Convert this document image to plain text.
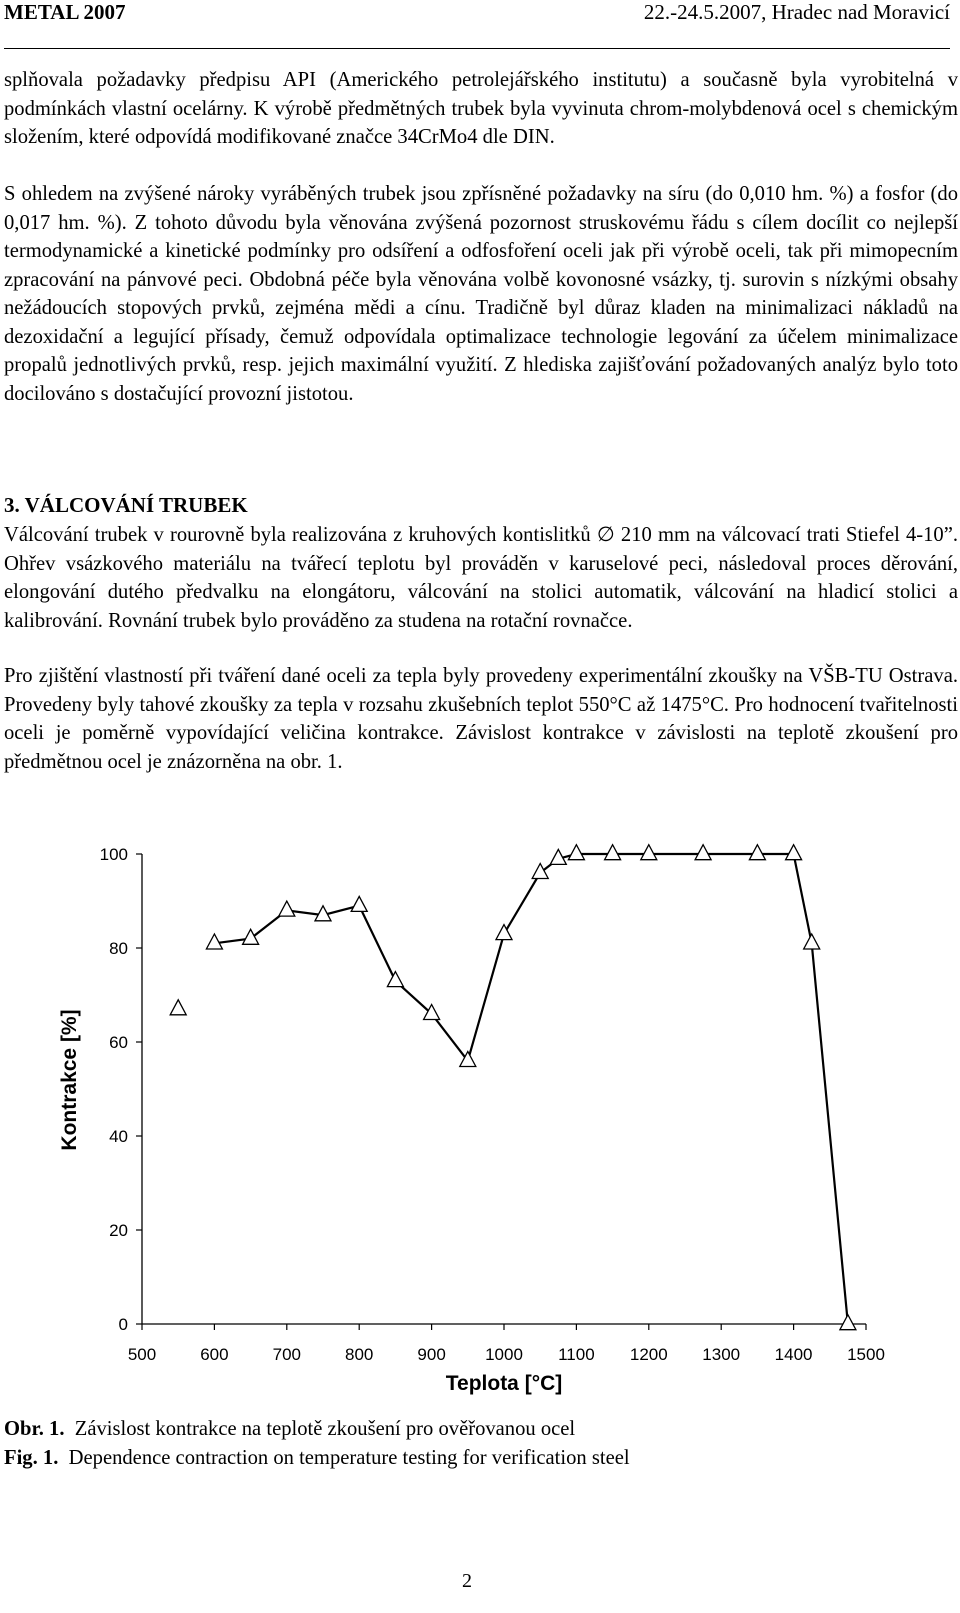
METAL 2007	22.-24.5.2007, Hradec nad Moravicí
splňovala požadavky předpisu API (Amerického petrolejářského institutu) a současně byla vyrobitelná v podmínkách vlastní ocelárny. K výrobě předmětných trubek byla vyvinuta chrom-molybdenová ocel s chemickým složením, které odpovídá modifikované značce 34CrMo4 dle DIN.
S ohledem na zvýšené nároky vyráběných trubek jsou zpřísněné požadavky na síru (do 0,010 hm. %) a fosfor (do 0,017 hm. %). Z tohoto důvodu byla věnována zvýšená pozornost struskovému řádu s cílem docílit co nejlepší termodynamické a kinetické podmínky pro odsíření a odfosfoření oceli jak při výrobě oceli, tak při mimopecním zpracování na pánvové peci. Obdobná péče byla věnována volbě kovonosné vsázky, tj. surovin s nízkými obsahy nežádoucích stopových prvků, zejména mědi a cínu. Tradičně byl důraz kladen na minimalizaci nákladů na dezoxidační a legující přísady, čemuž odpovídala optimalizace technologie legování za účelem minimalizace propalů jednotlivých prvků, resp. jejich maximální využití. Z hlediska zajišťování požadovaných analýz bylo toto docilováno s dostačující provozní jistotou.
3. VÁLCOVÁNÍ TRUBEK
Válcování trubek v rourovně byla realizována z kruhových kontislitků ∅ 210 mm na válcovací trati Stiefel 4-10”. Ohřev vsázkového materiálu na tvářecí teplotu byl prováděn v karuselové peci, následoval proces děrování, elongování dutého předvalku na elongátoru, válcování na stolici automatik, válcování na hladicí stolici a kalibrování. Rovnání trubek bylo prováděno za studena na rotační rovnačce.
Pro zjištění vlastností při tváření dané oceli za tepla byly provedeny experimentální zkoušky na VŠB-TU Ostrava. Provedeny byly tahové zkoušky za tepla v rozsahu zkušebních teplot 550°C až 1475°C. Pro hodnocení tvařitelnosti oceli je poměrně vypovídající veličina kontrakce. Závislost kontrakce v závislosti na teplotě zkoušení pro předmětnou ocel je znázorněna na obr. 1.
0
20
40
60
80
100
500	600	700	800	900 1000 1100 1200 1300 1400 1500
Kontrakce [%]
Teplota [°C]
Obr. 1. Závislost kontrakce na teplotě zkoušení pro ověřovanou ocel
Fig. 1. Dependence contraction on temperature testing for verification steel
2
